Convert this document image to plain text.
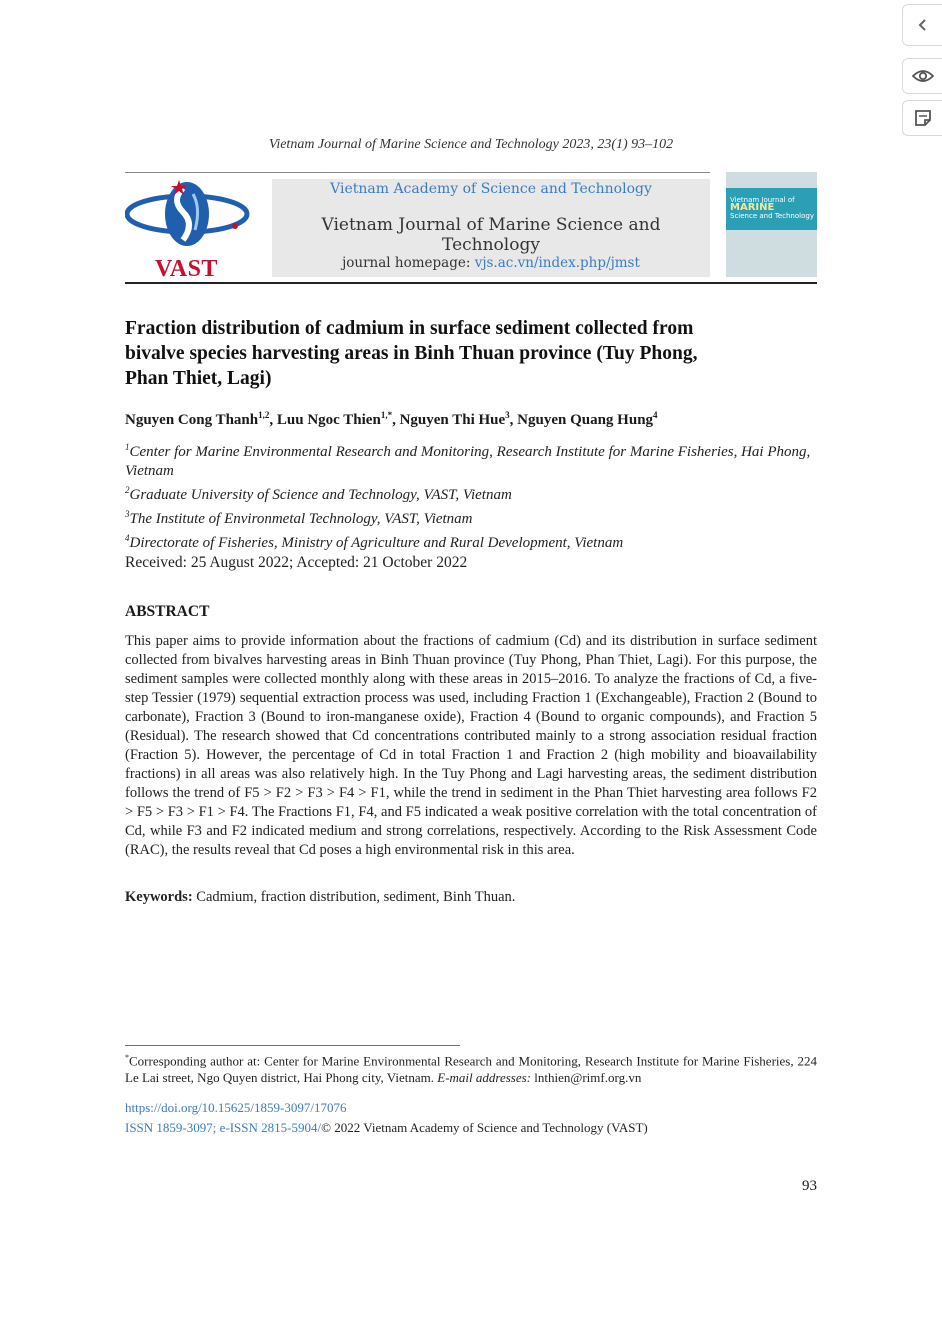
Vietnam Journal of Marine Science and Technology 2023, 23(1) 93–102
VAST
Vietnam Academy of Science and Technology
Vietnam Journal of Marine Science and Technology
journal homepage: vjs.ac.vn/index.php/jmst
Vietnam Journal of
MARINE
Science and Technology
Fraction distribution of cadmium in surface sediment collected from bivalve species harvesting areas in Binh Thuan province (Tuy Phong, Phan Thiet, Lagi)
Nguyen Cong Thanh$^{1,2}$, Luu Ngoc Thien$^{1,*}$, Nguyen Thi Hue$^3$, Nguyen Quang Hung$^4$
$^1$Center for Marine Environmental Research and Monitoring, Research Institute for Marine Fisheries, Hai Phong, Vietnam
$^2$Graduate University of Science and Technology, VAST, Vietnam
$^3$The Institute of Environmetal Technology, VAST, Vietnam
$^4$Directorate of Fisheries, Ministry of Agriculture and Rural Development, Vietnam
Received: 25 August 2022; Accepted: 21 October 2022
ABSTRACT
This paper aims to provide information about the fractions of cadmium (Cd) and its distribution in surface sediment collected from bivalves harvesting areas in Binh Thuan province (Tuy Phong, Phan Thiet, Lagi). For this purpose, the sediment samples were collected monthly along with these areas in 2015–2016. To analyze the fractions of Cd, a five-step Tessier (1979) sequential extraction process was used, including Fraction 1 (Exchangeable), Fraction 2 (Bound to carbonate), Fraction 3 (Bound to iron-manganese oxide), Fraction 4 (Bound to organic compounds), and Fraction 5 (Residual). The research showed that Cd concentrations contributed mainly to a strong association residual fraction (Fraction 5). However, the percentage of Cd in total Fraction 1 and Fraction 2 (high mobility and bioavailability fractions) in all areas was also relatively high. In the Tuy Phong and Lagi harvesting areas, the sediment distribution follows the trend of F5 > F2 > F3 > F4 > F1, while the trend in sediment in the Phan Thiet harvesting area follows F2 > F5 > F3 > F1 > F4. The Fractions F1, F4, and F5 indicated a weak positive correlation with the total concentration of Cd, while F3 and F2 indicated medium and strong correlations, respectively. According to the Risk Assessment Code (RAC), the results reveal that Cd poses a high environmental risk in this area.
Keywords: Cadmium, fraction distribution, sediment, Binh Thuan.
*Corresponding author at: Center for Marine Environmental Research and Monitoring, Research Institute for Marine Fisheries, 224 Le Lai street, Ngo Quyen district, Hai Phong city, Vietnam. E-mail addresses: lnthien@rimf.org.vn
https://doi.org/10.15625/1859-3097/17076
ISSN 1859-3097; e-ISSN 2815-5904/© 2022 Vietnam Academy of Science and Technology (VAST)
93
